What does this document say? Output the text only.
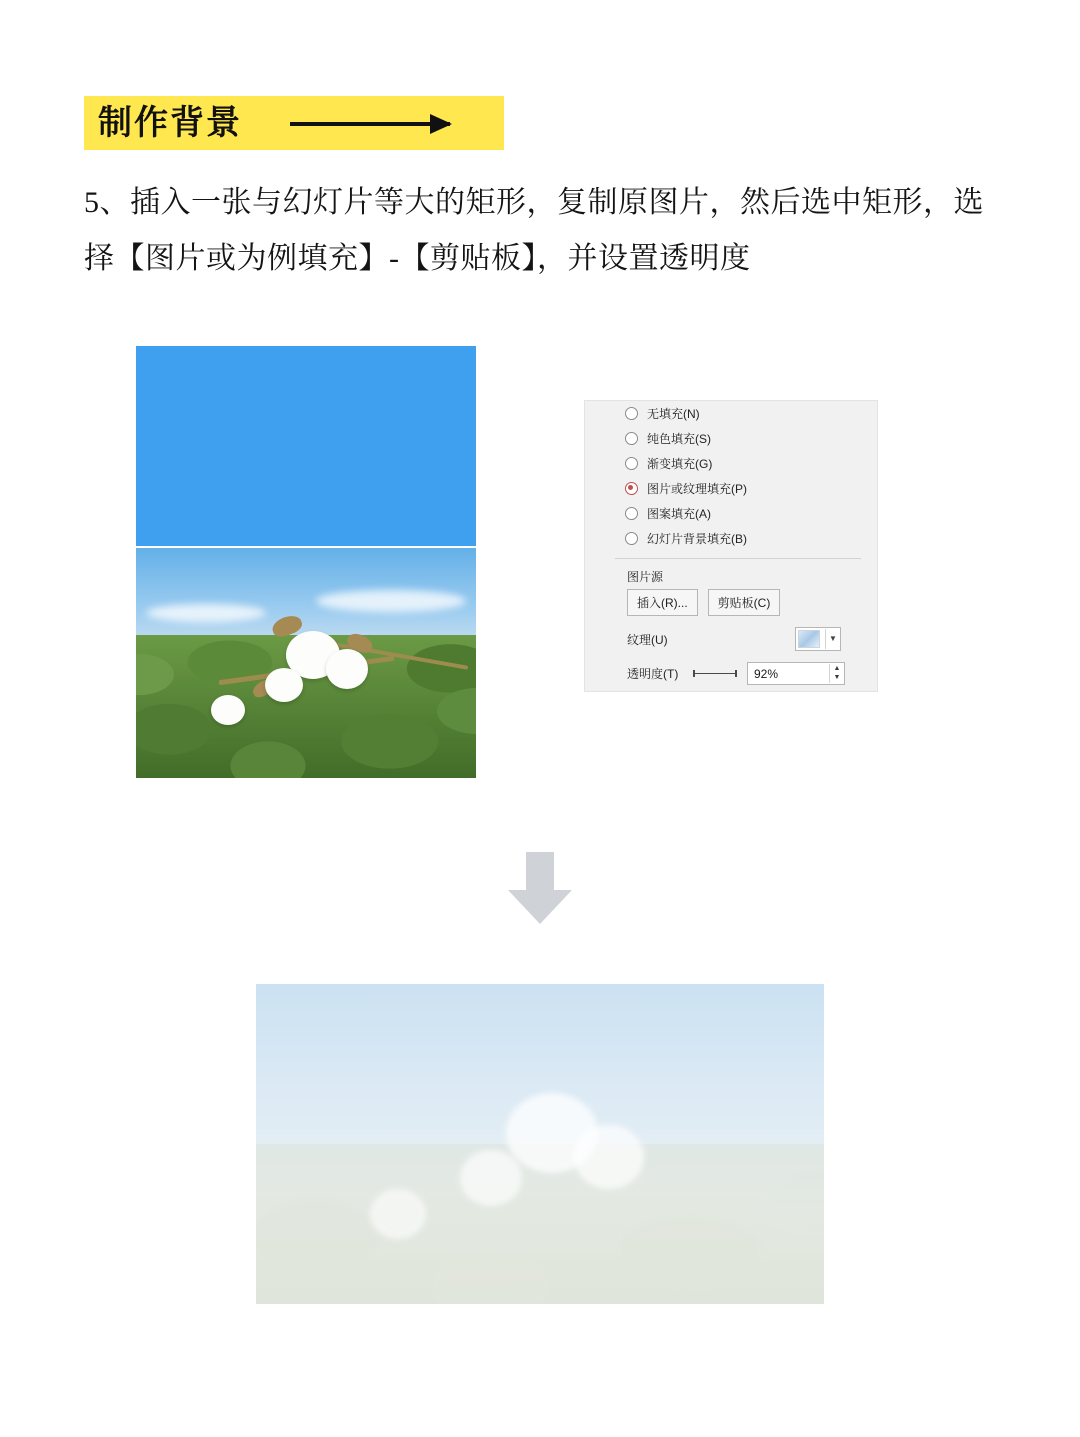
制作背景
5、插入一张与幻灯片等大的矩形，复制原图片，然后选中矩形，选择【图片或为例填充】-【剪贴板】，并设置透明度
无填充(N)
纯色填充(S)
渐变填充(G)
图片或纹理填充(P)
图案填充(A)
幻灯片背景填充(B)
图片源
插入(R)...	剪贴板(C)
纹理(U)	▼
透明度(T)	92%	▲
▼
